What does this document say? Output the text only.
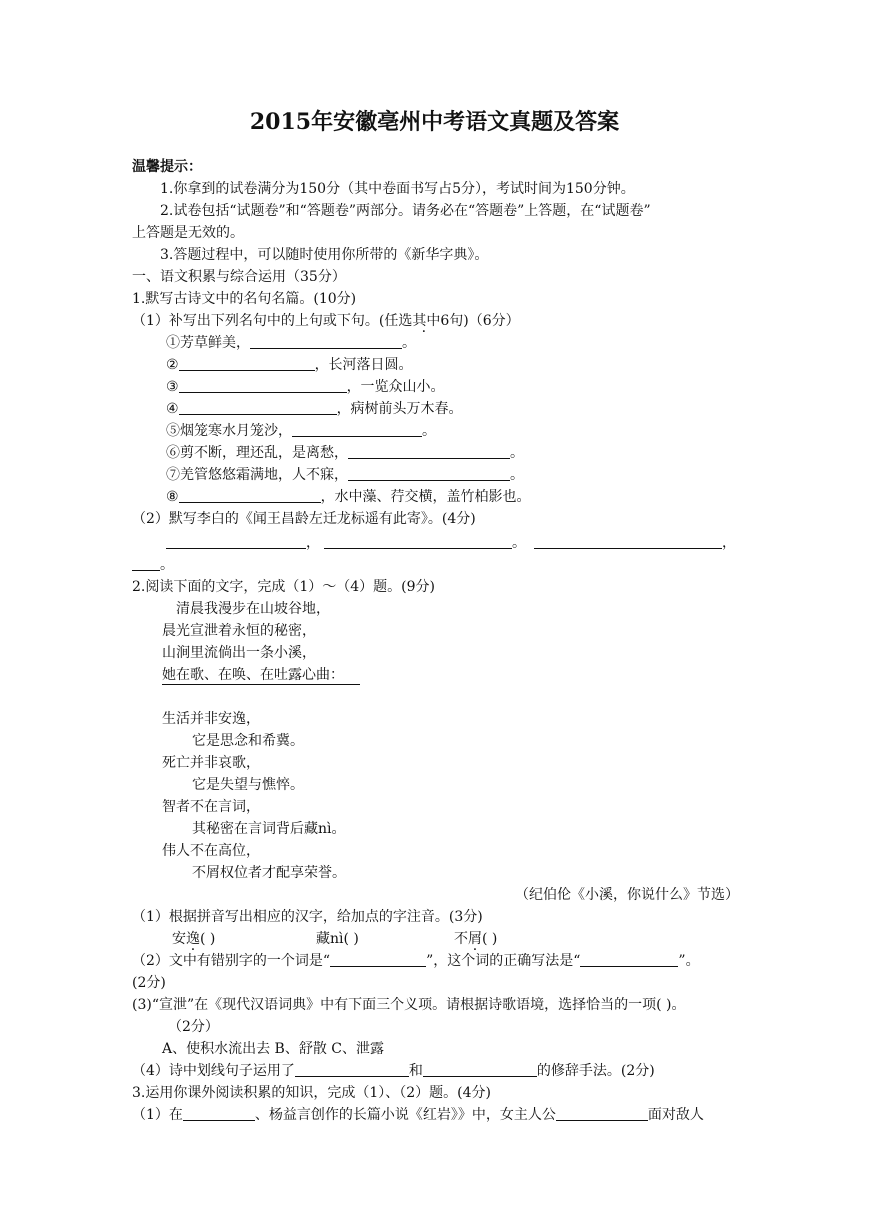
2015年安徽亳州中考语文真题及答案
温馨提示：
1.你拿到的试卷满分为150分（其中卷面书写占5分），考试时间为150分钟。
2.试卷包括“试题卷”和“答题卷”两部分。请务必在“答题卷”上答题，在“试题卷”
上答题是无效的。
3.答题过程中，可以随时使用你所带的《新华字典》。
一、语文积累与综合运用（35分）
1.默写古诗文中的名句名篇。(10分)
（1）补写出下列名句中的上句或下句。(任选其中6句 ·)（6分）
①芳草鲜美，	。
②	，长河落日圆。
③	，一览众山小。
④	，病树前头万木春。
⑤烟笼寒水月笼沙，	。
⑥剪不断，理还乱，是离愁，	。
⑦羌管悠悠霜满地，人不寐，	。
⑧	，水中藻、荇交横，盖竹柏影也。
（2）默写李白的《闻王昌龄左迁龙标遥有此寄》。(4分)
，	。	，
。
2.阅读下面的文字，完成（1）～（4）题。(9分)
清晨我漫步在山坡谷地，
晨光宣泄着永恒的秘密，
山涧里流倘出一条小溪，
她在歌、在唤、在吐露心曲：
生活并非安逸，
它是思念和希冀。
死亡并非哀歌，
它是失望与憔悴。
智者不在言词，
其秘密在言词背后藏nì。
伟人不在高位，
不屑权位者才配享荣誉。
（纪伯伦《小溪，你说什么》节选）
（1）根据拼音写出相应的汉字，给加点的字注音。(3分)
安逸( )	藏nì( )	不屑( )
（2）文中有错别字的一个词是“	”，这个词的正确写法是“	”。
(2分)
(3)“宣泄”在《现代汉语词典》中有下面三个义项。请根据诗歌语境，选择恰当的一项( )。
（2分）
A、使积水流出去 B、舒散 C、泄露
（4）诗中划线句子运用了	和	的修辞手法。(2分)
3.运用你课外阅读积累的知识，完成（1）、（2）题。(4分)
（1）在	、杨益言创作的长篇小说《红岩》》中，女主人公	面对敌人
